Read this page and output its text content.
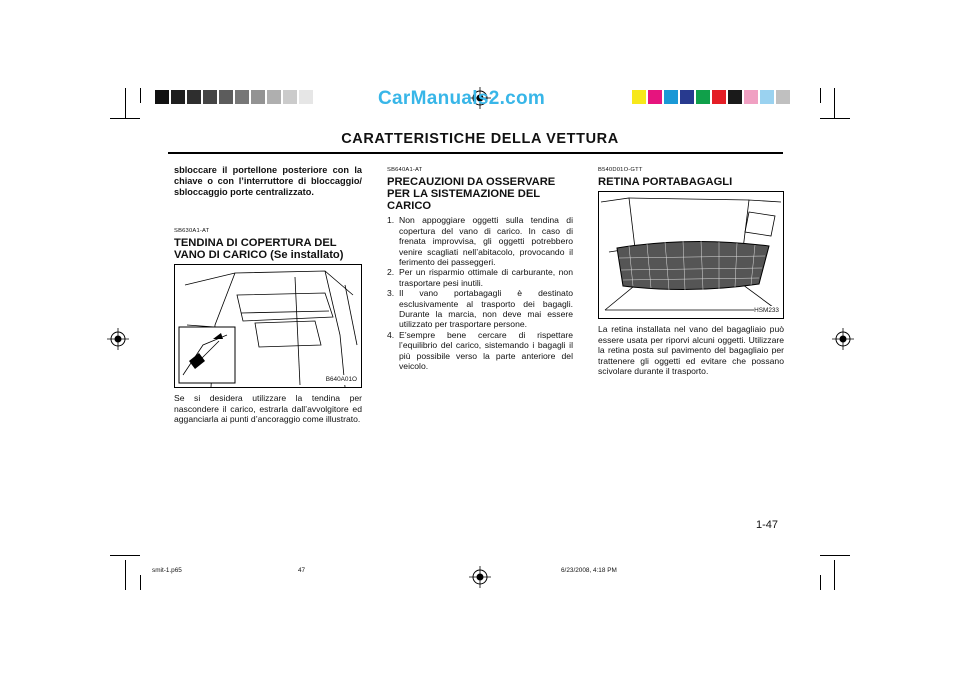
CarManuals2.com
CARATTERISTICHE DELLA VETTURA

sbloccare il portellone posteriore con la chiave o con l’interruttore di bloccaggio/ sbloccaggio porte centralizzato.

SB630A1-AT
TENDINA DI COPERTURA DEL VANO DI CARICO (Se installato)
B640A01O

Se si desidera utilizzare la tendina per nascondere il carico, estrarla dall’avvolgitore ed agganciarla ai punti d’ancoraggio come illustrato.

SB640A1-AT
PRECAUZIONI DA OSSERVARE PER LA SISTEMAZIONE DEL CARICO
1. Non appoggiare oggetti sulla tendina di copertura del vano di carico. In caso di frenata improvvisa, gli oggetti potrebbero venire scagliati nell’abitacolo, provocando il ferimento dei passeggeri.
2. Per un risparmio ottimale di carburante, non trasportare pesi inutili.
3. Il vano portabagagli è destinato esclusivamente al trasporto dei bagagli. Durante la marcia, non deve mai essere utilizzato per trasportare persone.
4. E’sempre bene cercare di rispettare l’equilibrio del carico, sistemando i bagagli il più possibile verso la parte anteriore del veicolo.
B540D01O-GTT
RETINA PORTABAGAGLI
HSM233

La retina installata nel vano del bagagliaio può essere usata per riporvi alcuni oggetti. Utilizzare la retina posta sul pavimento del bagagliaio per trattenere gli oggetti ed evitare che possano scivolare durante il trasporto.

1-47
smit-1.p65	47	6/23/2008, 4:18 PM
